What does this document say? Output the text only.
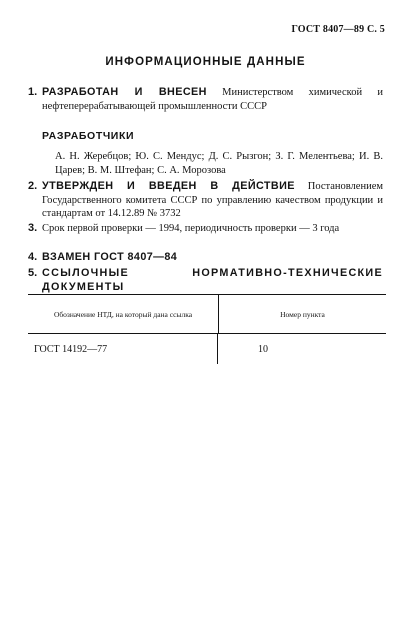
ГОСТ 8407—89 С. 5
ИНФОРМАЦИОННЫЕ ДАННЫЕ
1. РАЗРАБОТАН И ВНЕСЕН Министерством химической и нефтеперерабатывающей промышленности СССР
РАЗРАБОТЧИКИ
А. Н. Жеребцов; Ю. С. Мендус; Д. С. Рызгон; З. Г. Мелентьева; И. В. Царев; В. М. Штефан; С. А. Морозова
2. УТВЕРЖДЕН И ВВЕДЕН В ДЕЙСТВИЕ Постановлением Государственного комитета СССР по управлению качеством продукции и стандартам от 14.12.89 № 3732
3. Срок первой проверки — 1994, периодичность проверки — 3 года
4. ВЗАМЕН ГОСТ 8407—84
5. ССЫЛОЧНЫЕ НОРМАТИВНО-ТЕХНИЧЕСКИЕ ДОКУМЕНТЫ
Обозначение НТД, на который дана ссылка	Номер пункта
ГОСТ 14192—77	10
